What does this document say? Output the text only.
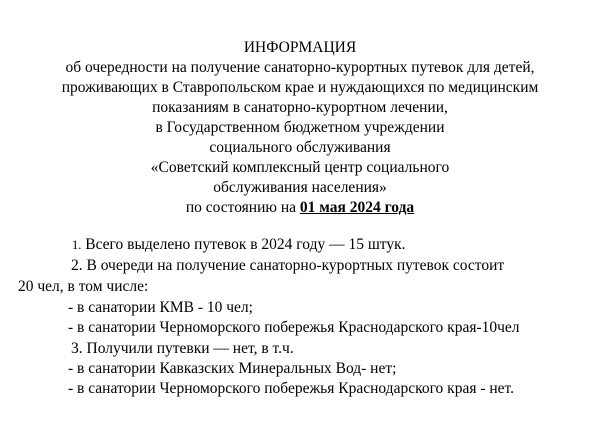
ИНФОРМАЦИЯ
об очередности на получение санаторно-курортных путевок для детей,
проживающих в Ставропольском крае и нуждающихся по медицинским
показаниям в санаторно-курортном лечении,
в Государственном бюджетном учреждении
социального обслуживания
«Советский комплексный центр социального
обслуживания населения»
по состоянию на 01 мая 2024 года
1. Всего выделено путевок в 2024 году — 15 штук.
2. В очереди на получение санаторно-курортных путевок состоит
20 чел, в том числе:
- в санатории КМВ - 10 чел;
- в санатории Черноморского побережья Краснодарского края-10чел
3. Получили путевки — нет, в т.ч.
- в санатории Кавказских Минеральных Вод- нет;
- в санатории Черноморского побережья Краснодарского края - нет.
